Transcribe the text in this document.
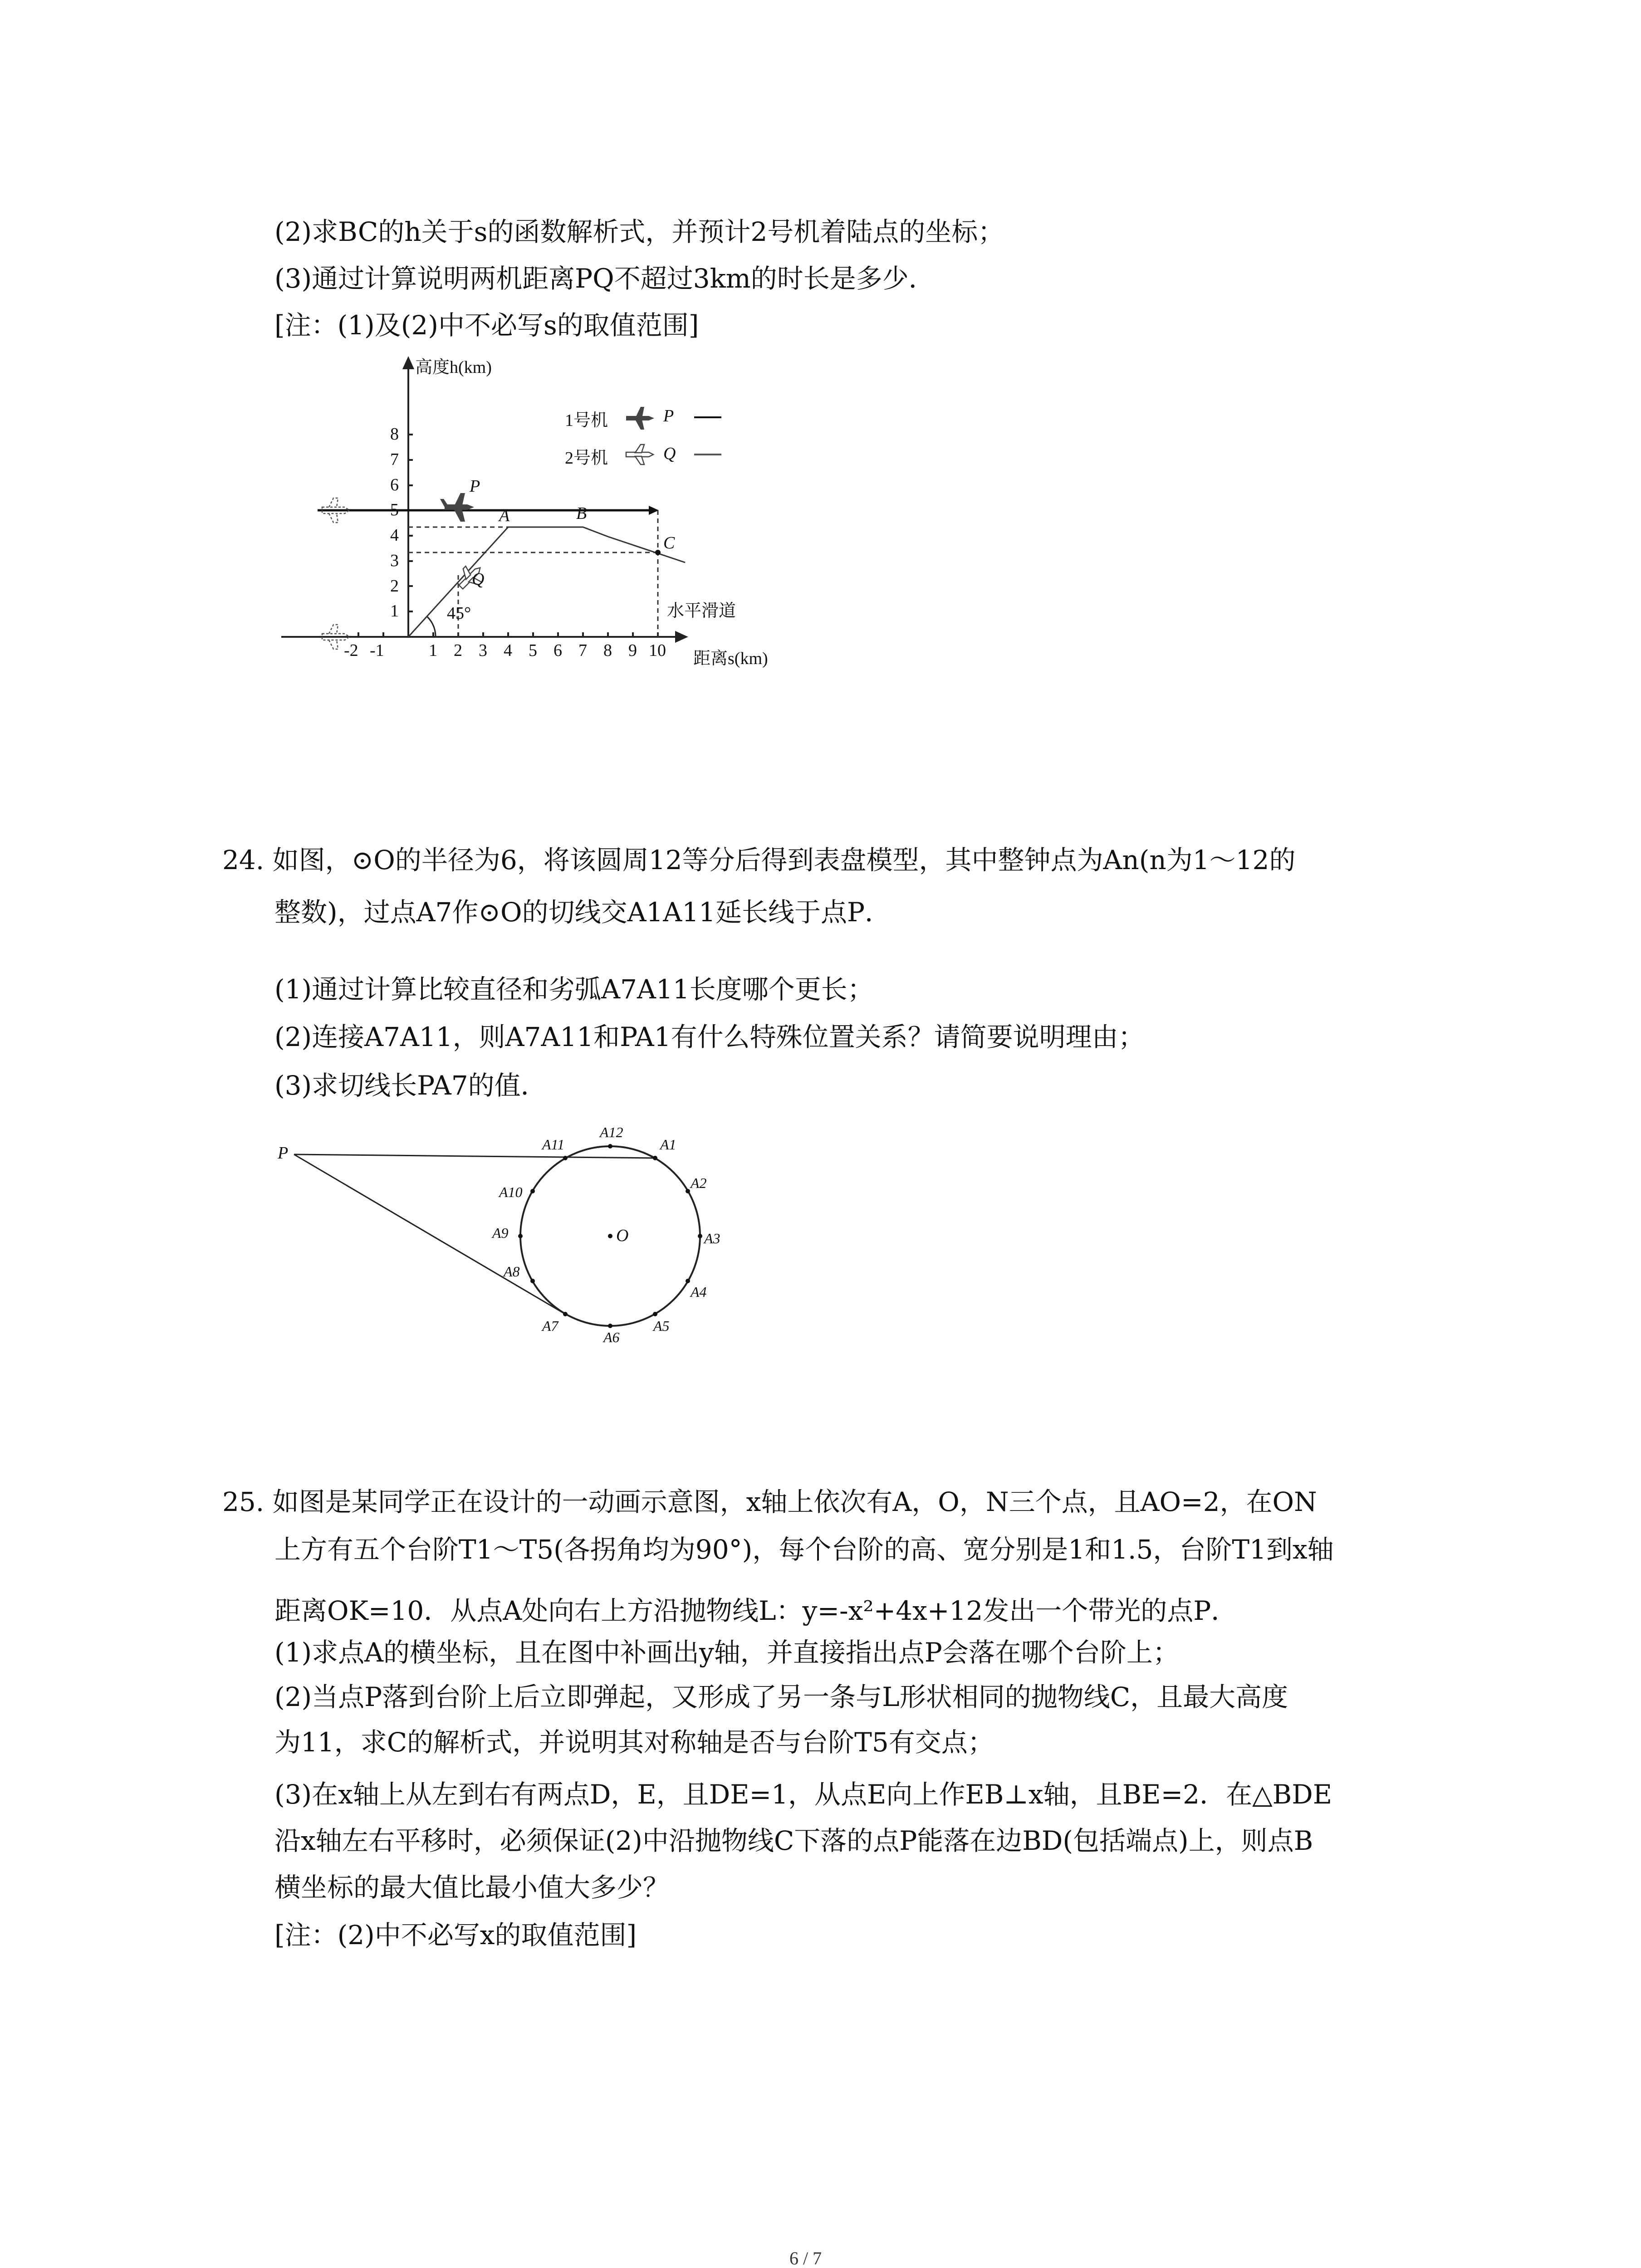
(2)求BC的h关于s的函数解析式，并预计2号机着陆点的坐标；
(3)通过计算说明两机距离PQ不超过3km的时长是多少．
[注：(1)及(2)中不必写s的取值范围]
高度h(km)
距离s(km)
1号机
2号机
P
Q
P
Q
A	B
C
45°	水平滑道
-2 -1	1 2 3 4 5 6 7 8 9 10
1
2
3
4
5
6
7
8
24. 如图，⊙O的半径为6，将该圆周12等分后得到表盘模型，其中整钟点为An(n为1～12的
整数)，过点A7作⊙O的切线交A1A11延长线于点P．
(1)通过计算比较直径和劣弧A7A11长度哪个更长；
(2)连接A7A11，则A7A11和PA1有什么特殊位置关系？请简要说明理由；
(3)求切线长PA7的值．
P
O
A1
A2
A3
A4
A5
A6
A7
A8
A9
A10
A11
A12
25. 如图是某同学正在设计的一动画示意图，x轴上依次有A，O，N三个点，且AO=2，在ON
上方有五个台阶T1～T5(各拐角均为90°)，每个台阶的高、宽分别是1和1.5，台阶T1到x轴
距离OK=10．从点A处向右上方沿抛物线L：y=-x²+4x+12发出一个带光的点P．
(1)求点A的横坐标，且在图中补画出y轴，并直接指出点P会落在哪个台阶上；
(2)当点P落到台阶上后立即弹起，又形成了另一条与L形状相同的抛物线C，且最大高度
为11，求C的解析式，并说明其对称轴是否与台阶T5有交点；
(3)在x轴上从左到右有两点D，E，且DE=1，从点E向上作EB⊥x轴，且BE=2．在△BDE
沿x轴左右平移时，必须保证(2)中沿抛物线C下落的点P能落在边BD(包括端点)上，则点B
横坐标的最大值比最小值大多少？
[注：(2)中不必写x的取值范围]
6 / 7
